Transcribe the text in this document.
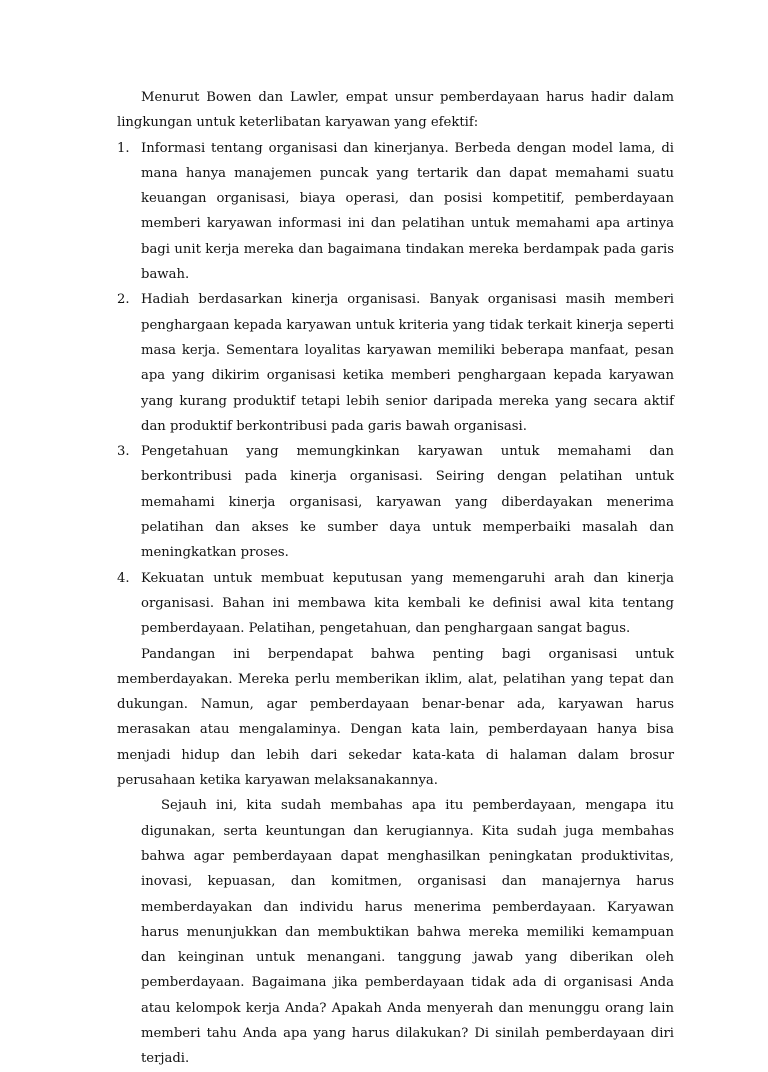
Menurut Bowen dan Lawler, empat unsur pemberdayaan harus hadir dalam lingkungan untuk keterlibatan karyawan yang efektif:

1. Informasi tentang organisasi dan kinerjanya. Berbeda dengan model lama, di mana hanya manajemen puncak yang tertarik dan dapat memahami suatu keuangan organisasi, biaya operasi, dan posisi kompetitif, pemberdayaan memberi karyawan informasi ini dan pelatihan untuk memahami apa artinya bagi unit kerja mereka dan bagaimana tindakan mereka berdampak pada garis bawah.
2. Hadiah berdasarkan kinerja organisasi. Banyak organisasi masih memberi penghargaan kepada karyawan untuk kriteria yang tidak terkait kinerja seperti masa kerja. Sementara loyalitas karyawan memiliki beberapa manfaat, pesan apa yang dikirim organisasi ketika memberi penghargaan kepada karyawan yang kurang produktif tetapi lebih senior daripada mereka yang secara aktif dan produktif berkontribusi pada garis bawah organisasi.
3. Pengetahuan yang memungkinkan karyawan untuk memahami dan berkontribusi pada kinerja organisasi. Seiring dengan pelatihan untuk memahami kinerja organisasi, karyawan yang diberdayakan menerima pelatihan dan akses ke sumber daya untuk memperbaiki masalah dan meningkatkan proses.
4. Kekuatan untuk membuat keputusan yang memengaruhi arah dan kinerja organisasi. Bahan ini membawa kita kembali ke definisi awal kita tentang pemberdayaan. Pelatihan, pengetahuan, dan penghargaan sangat bagus.

Pandangan ini berpendapat bahwa penting bagi organisasi untuk memberdayakan. Mereka perlu memberikan iklim, alat, pelatihan yang tepat dan dukungan. Namun, agar pemberdayaan benar-benar ada, karyawan harus merasakan atau mengalaminya. Dengan kata lain, pemberdayaan hanya bisa menjadi hidup dan lebih dari sekedar kata-kata di halaman dalam brosur perusahaan ketika karyawan melaksanakannya.

Sejauh ini, kita sudah membahas apa itu pemberdayaan, mengapa itu digunakan, serta keuntungan dan kerugiannya. Kita sudah juga membahas bahwa agar pemberdayaan dapat menghasilkan peningkatan produktivitas, inovasi, kepuasan, dan komitmen, organisasi dan manajernya harus memberdayakan dan individu harus menerima pemberdayaan. Karyawan harus menunjukkan dan membuktikan bahwa mereka memiliki kemampuan dan keinginan untuk menangani. tanggung jawab yang diberikan oleh pemberdayaan. Bagaimana jika pemberdayaan tidak ada di organisasi Anda atau kelompok kerja Anda? Apakah Anda menyerah dan menunggu orang lain memberi tahu Anda apa yang harus dilakukan? Di sinilah pemberdayaan diri terjadi.
